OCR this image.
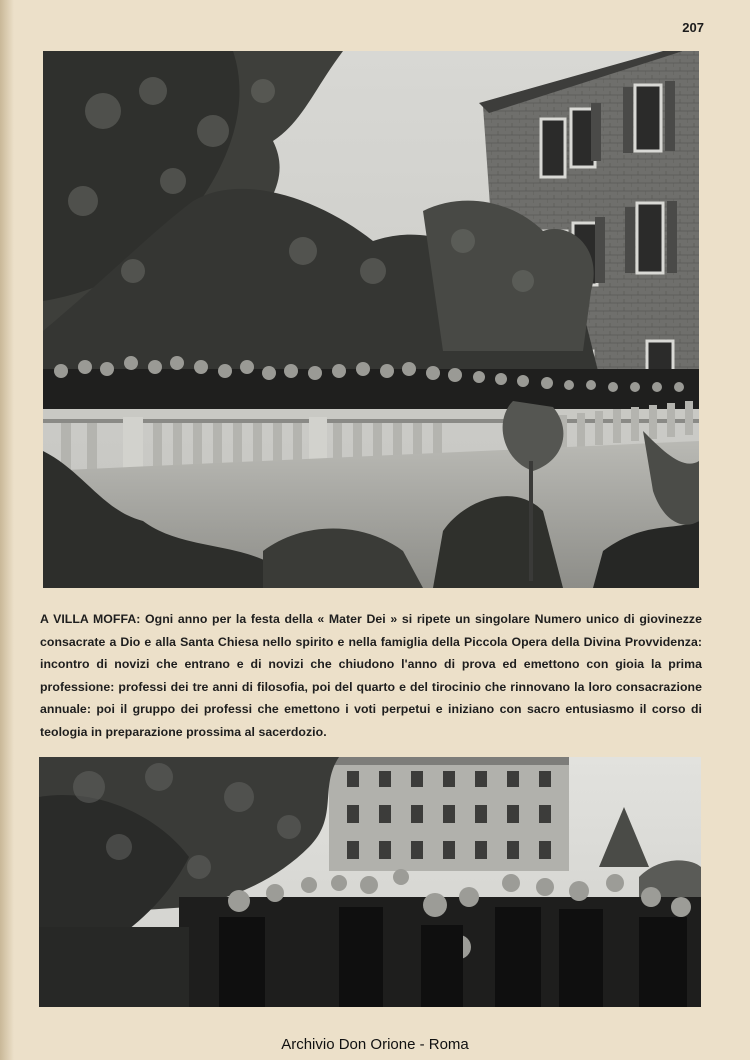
207
A VILLA MOFFA: Ogni anno per la festa della « Mater Dei » si ripete un singolare Numero unico di giovinezze consacrate a Dio e alla Santa Chiesa nello spirito e nella famiglia della Piccola Opera della Divina Provvidenza: incontro di novizi che entrano e di novizi che chiudono l'anno di prova ed emettono con gioia la prima professione: professi dei tre anni di filosofia, poi del quarto e del tirocinio che rinnovano la loro consacrazione annuale: poi il gruppo dei professi che emettono i voti perpetui e iniziano con sacro entusiasmo il corso di teologia in preparazione prossima al sacerdozio.
Archivio Don Orione - Roma
